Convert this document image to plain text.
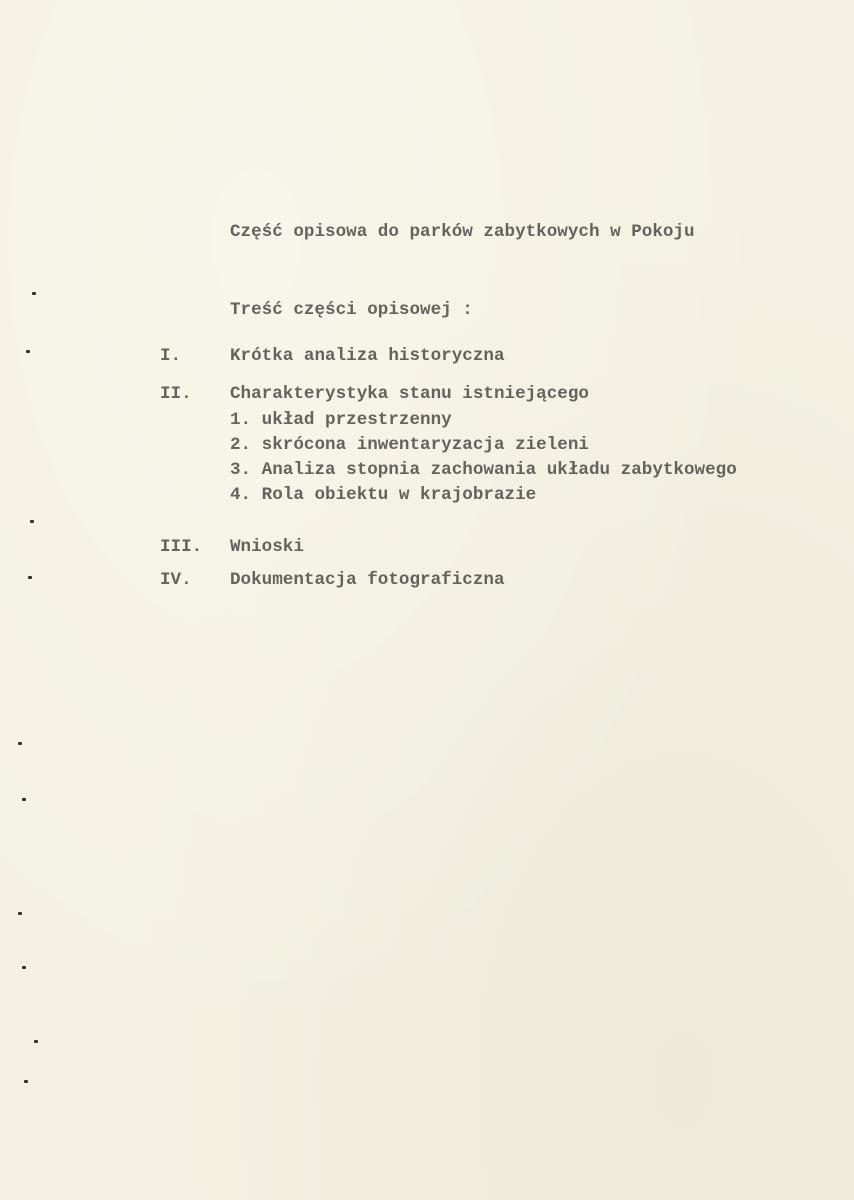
Część opisowa do parków zabytkowych w Pokoju
Treść części opisowej :
I.	Krótka analiza historyczna
II. Charakterystyka stanu istniejącego
1. układ przestrzenny
2. skrócona inwentaryzacja zieleni
3. Analiza stopnia zachowania układu zabytkowego
4. Rola obiektu w krajobrazie
III. Wnioski
IV. Dokumentacja fotograficzna
